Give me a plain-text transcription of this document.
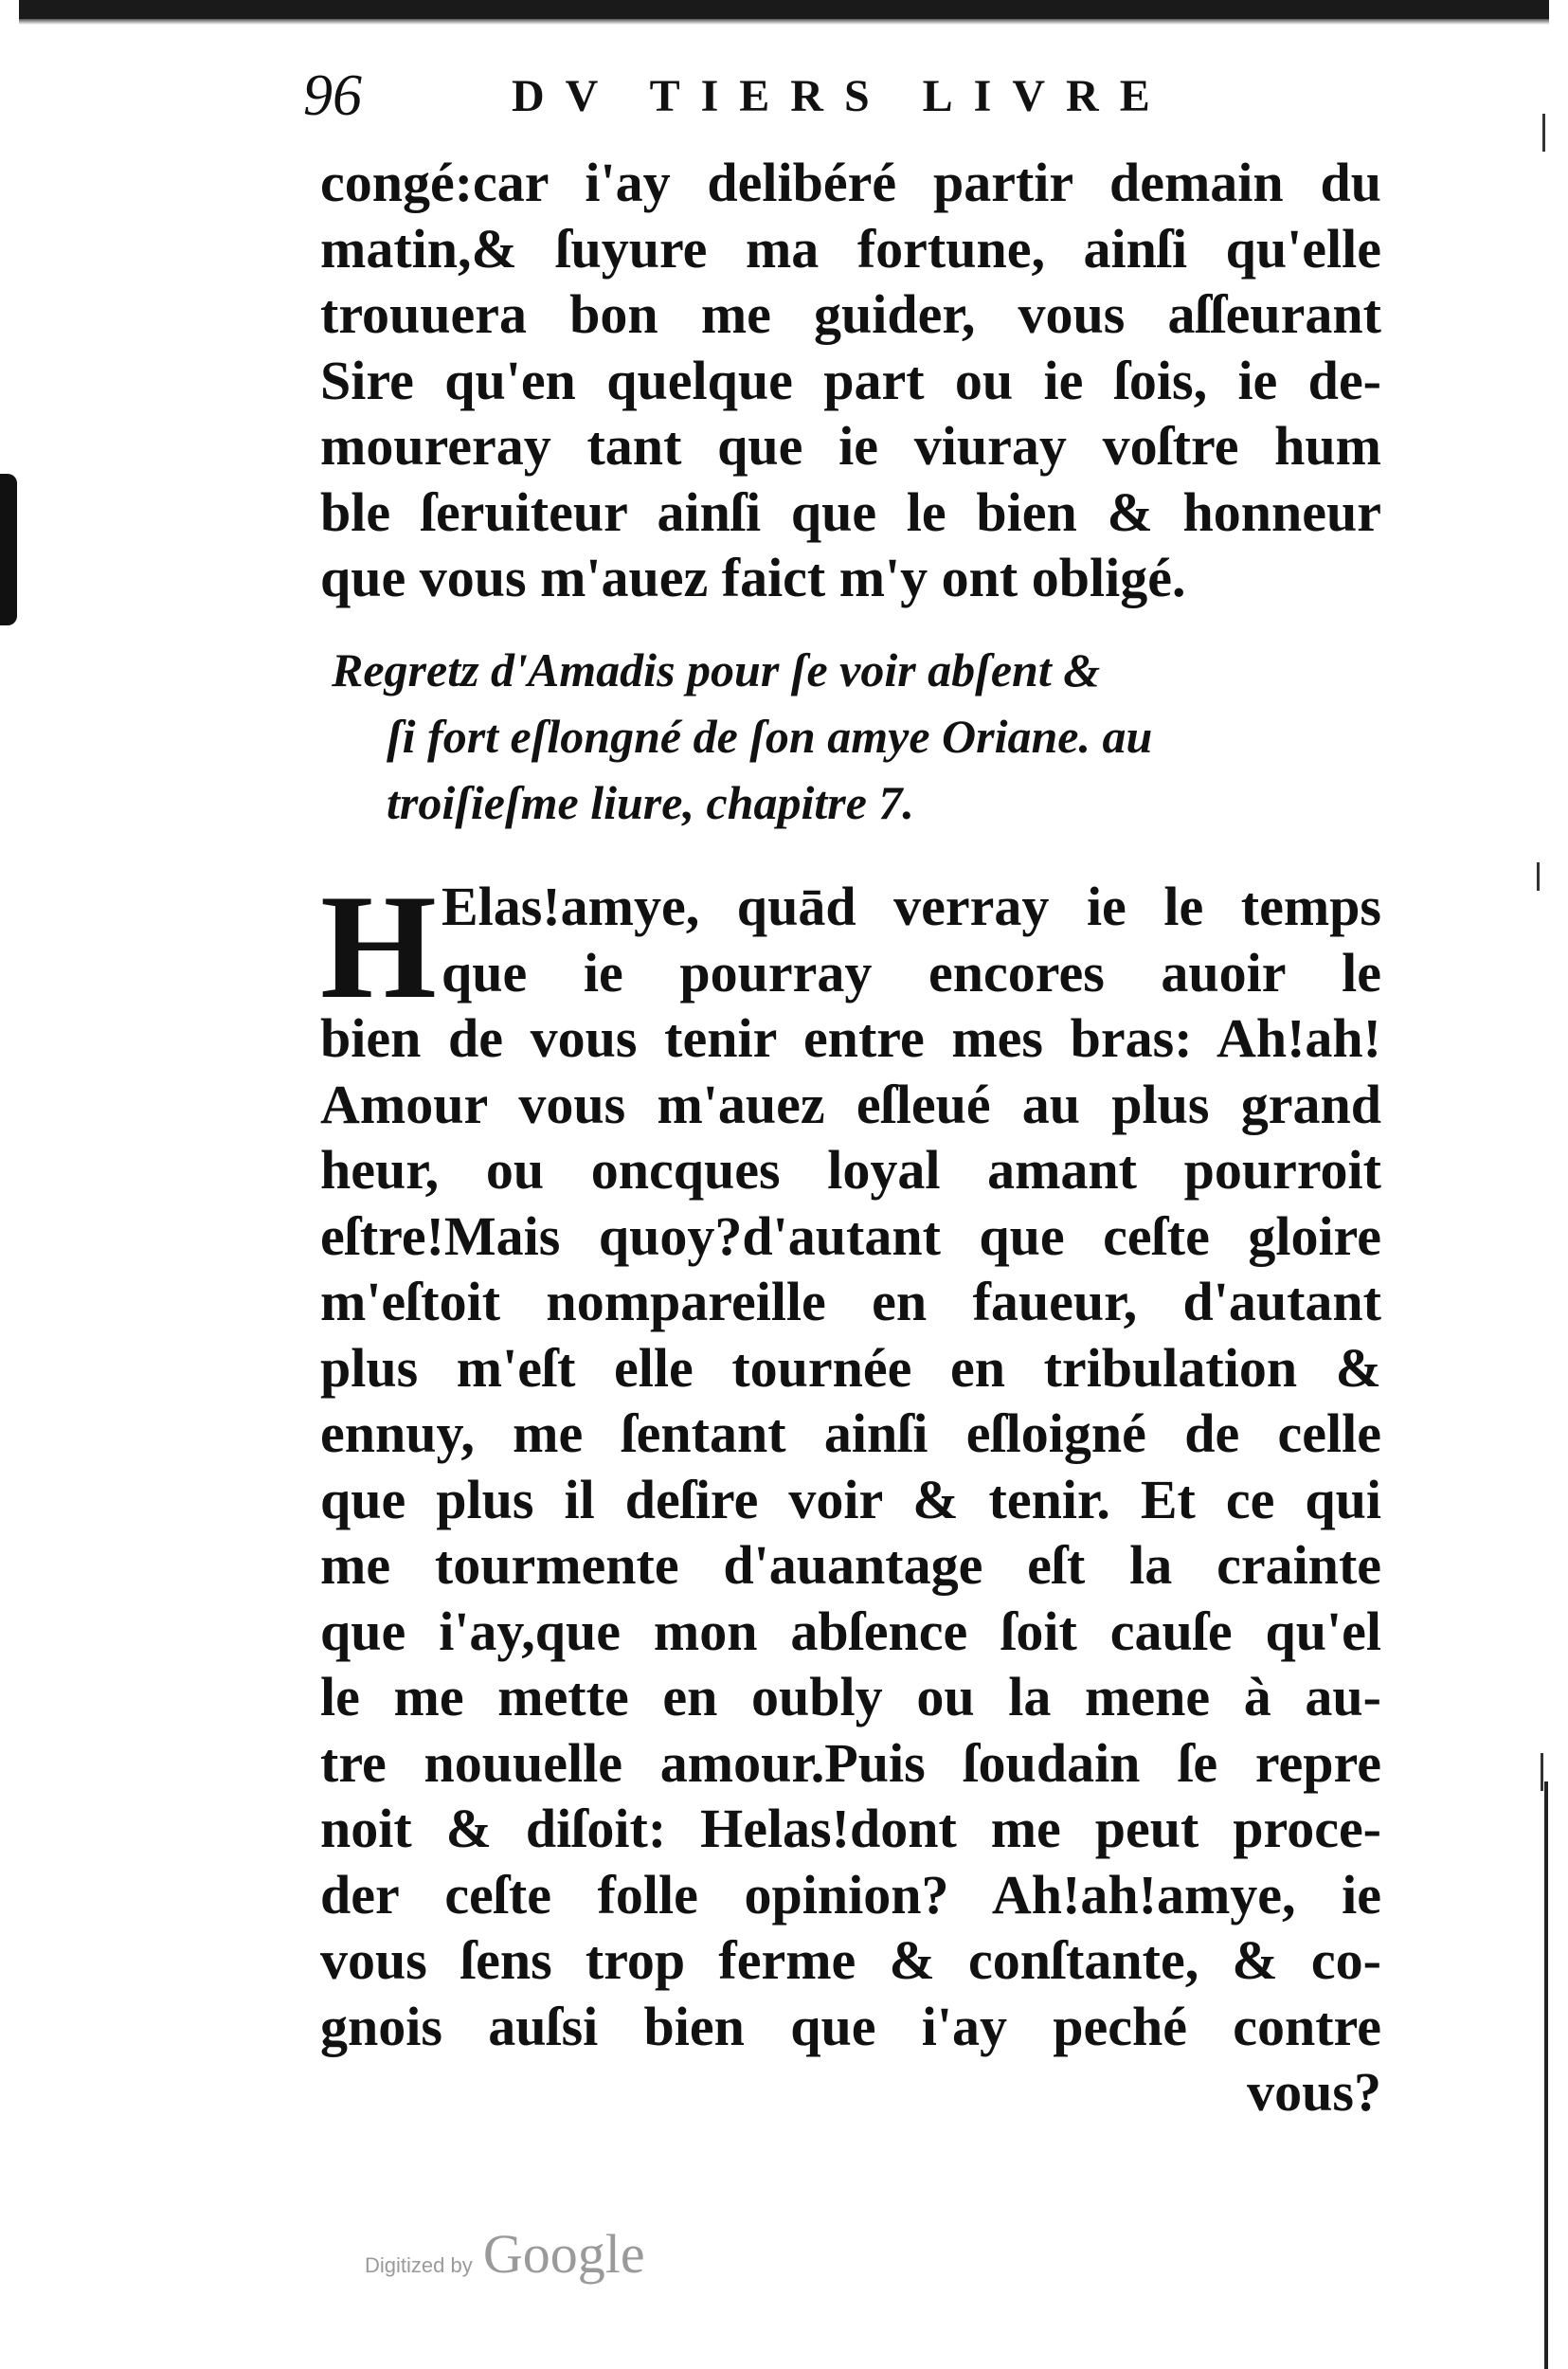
96	DV TIERS LIVRE
congé:car i'ay delibéré partir demain du
matin,& ſuyure ma fortune, ainſi qu'elle
trouuera bon me guider, vous aſſeurant
Sire qu'en quelque part ou ie ſois, ie de-
moureray tant que ie viuray voſtre hum
ble ſeruiteur ainſi que le bien & honneur
que vous m'auez faict m'y ont obligé.
Regretz d'Amadis pour ſe voir abſent &
ſi fort eſlongné de ſon amye Oriane. au
troiſieſme liure, chapitre 7.
H Elas!amye, quād verray ie le temps
que ie pourray encores auoir le
bien de vous tenir entre mes bras: Ah!ah!
Amour vous m'auez eſleué au plus grand
heur, ou oncques loyal amant pourroit
eſtre!Mais quoy?d'autant que ceſte gloire
m'eſtoit nompareille en faueur, d'autant
plus m'eſt elle tournée en tribulation &
ennuy, me ſentant ainſi eſloigné de celle
que plus il deſire voir & tenir. Et ce qui
me tourmente d'auantage eſt la crainte
que i'ay,que mon abſence ſoit cauſe qu'el
le me mette en oubly ou la mene à au-
tre nouuelle amour.Puis ſoudain ſe repre
noit & diſoit: Helas!dont me peut proce-
der ceſte folle opinion? Ah!ah!amye, ie
vous ſens trop ferme & conſtante, & co-
gnois auſsi bien que i'ay peché contre
vous?
Digitized by Google
